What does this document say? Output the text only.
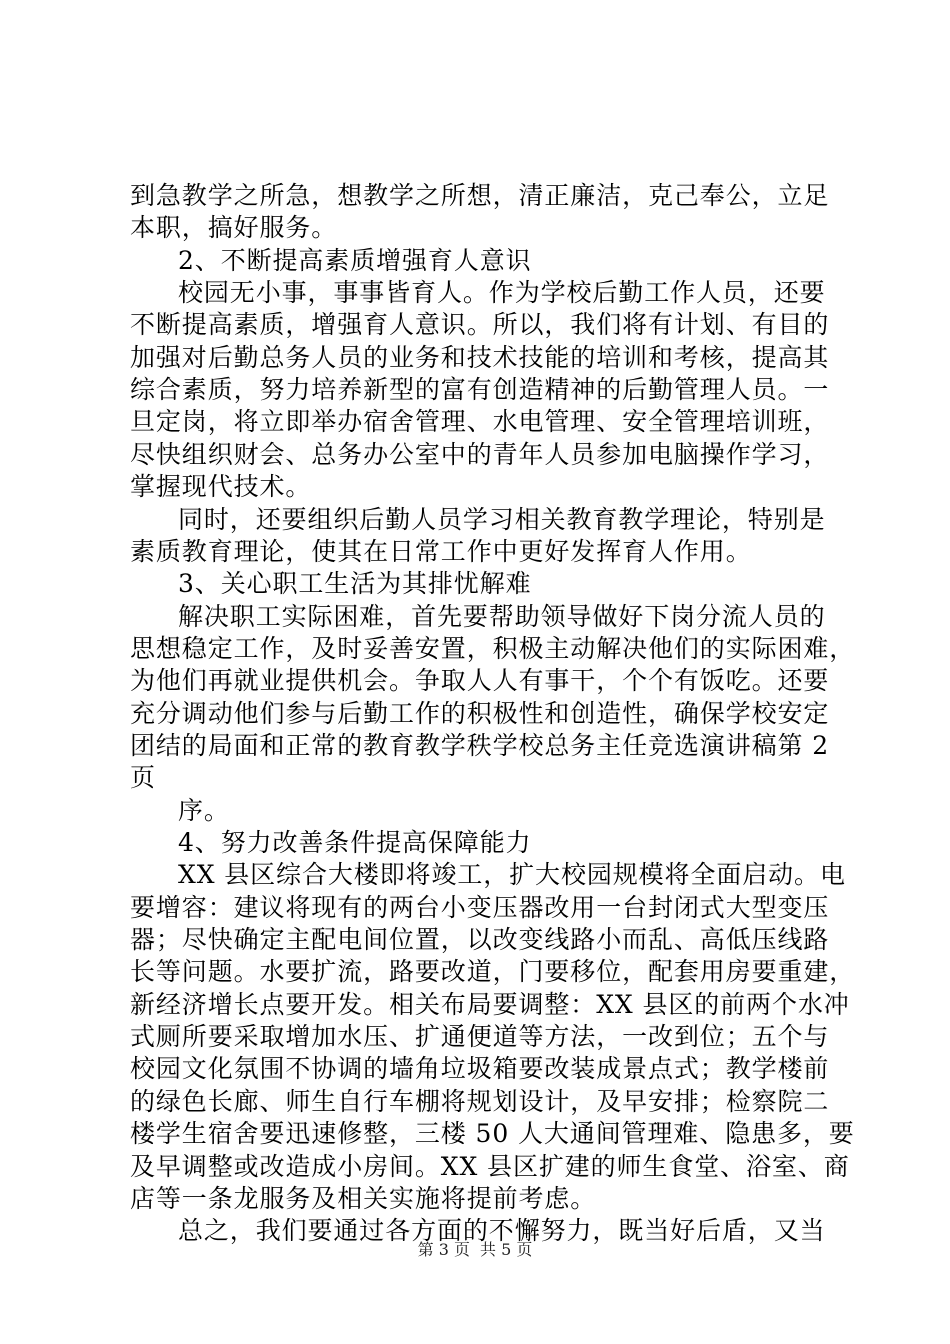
到急教学之所急，想教学之所想，清正廉洁，克己奉公，立足
本职，搞好服务。
2、不断提高素质增强育人意识
校园无小事，事事皆育人。作为学校后勤工作人员，还要
不断提高素质，增强育人意识。所以，我们将有计划、有目的
加强对后勤总务人员的业务和技术技能的培训和考核，提高其
综合素质，努力培养新型的富有创造精神的后勤管理人员。一
旦定岗，将立即举办宿舍管理、水电管理、安全管理培训班，
尽快组织财会、总务办公室中的青年人员参加电脑操作学习，
掌握现代技术。
同时，还要组织后勤人员学习相关教育教学理论，特别是
素质教育理论，使其在日常工作中更好发挥育人作用。
3、关心职工生活为其排忧解难
解决职工实际困难，首先要帮助领导做好下岗分流人员的
思想稳定工作，及时妥善安置，积极主动解决他们的实际困难，
为他们再就业提供机会。争取人人有事干，个个有饭吃。还要
充分调动他们参与后勤工作的积极性和创造性，确保学校安定
团结的局面和正常的教育教学秩学校总务主任竞选演讲稿第 2
页
序。
4、努力改善条件提高保障能力
XX 县区综合大楼即将竣工，扩大校园规模将全面启动。电
要增容：建议将现有的两台小变压器改用一台封闭式大型变压
器；尽快确定主配电间位置，以改变线路小而乱、高低压线路
长等问题。水要扩流，路要改道，门要移位，配套用房要重建，
新经济增长点要开发。相关布局要调整：XX 县区的前两个水冲
式厕所要采取增加水压、扩通便道等方法，一改到位；五个与
校园文化氛围不协调的墙角垃圾箱要改装成景点式；教学楼前
的绿色长廊、师生自行车棚将规划设计，及早安排；检察院二
楼学生宿舍要迅速修整，三楼 50 人大通间管理难、隐患多，要
及早调整或改造成小房间。XX 县区扩建的师生食堂、浴室、商
店等一条龙服务及相关实施将提前考虑。
总之，我们要通过各方面的不懈努力，既当好后盾，又当
第 3 页 共 5 页
